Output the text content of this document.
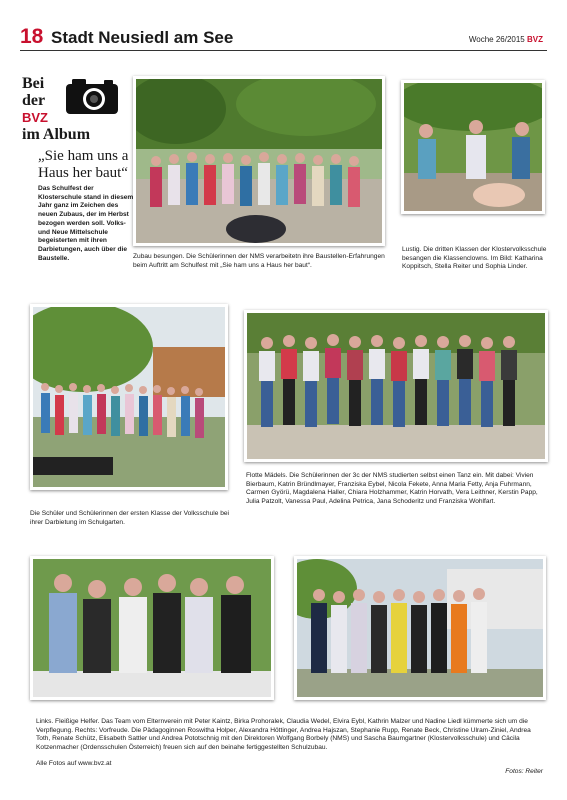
18 Stadt Neusiedl am See	Woche 26/2015 BVZ
Bei
der
BVZ
im Album
„Sie ham uns a Haus her baut“
Das Schulfest der Klosterschule stand in diesem Jahr ganz im Zeichen des neuen Zubaus, der im Herbst bezogen werden soll. Volks- und Neue Mittelschule begeisterten mit ihren Darbietungen, auch über die Baustelle.	Zubau besungen. Die Schülerinnen der NMS verarbeitetn ihre Baustellen-Erfahrungen beim Auftritt am Schulfest mit „Sie ham uns a Haus her baut“.
Lustig. Die dritten Klassen der Klostervolksschule besangen die Klassenclowns. Im Bild: Katharina Koppitsch, Stella Reiter und Sophia Linder.
Flotte Mädels. Die Schülerinnen der 3c der NMS studierten selbst einen Tanz ein. Mit dabei: Vivien Bierbaum, Katrin Bründlmayer, Franziska Eybel, Nicola Fekete, Anna Maria Fetty, Anja Fuhrmann, Carmen Györü, Magdalena Haller, Chiara Holzhammer, Katrin Horvath, Vera Leithner, Kerstin Papp, Julia Patzolt, Vanessa Paul, Adelina Petrica, Jana Schoderitz und Franziska Wohlfart.
Die Schüler und Schülerinnen der ersten Klasse der Volksschule bei ihrer Darbietung im Schulgarten.
Links. Fleißige Helfer. Das Team vom Elternverein mit Peter Kaintz, Birka Prohoralek, Claudia Wedel, Elvira Eybl, Kathrin Malzer und Nadine Liedl kümmerte sich um die Verpflegung. Rechts: Vorfreude. Die Pädagoginnen Roswitha Holper, Alexandra Höttinger, Andrea Hajszan, Stephanie Rupp, Renate Beck, Christine Ulram-Ziniel, Andrea Toth, Renate Schütz, Elisabeth Sattler und Andrea Pototschnig mit den Direktoren Wolfgang Borbely (NMS) und Sascha Baumgartner (Klostervolksschule) und Cäcila Kotzenmacher (Ordensschulen Österreich) freuen sich auf den beinahe fertiggestellten Schulzubau.
Alle Fotos auf www.bvz.at
Fotos: Reiter
